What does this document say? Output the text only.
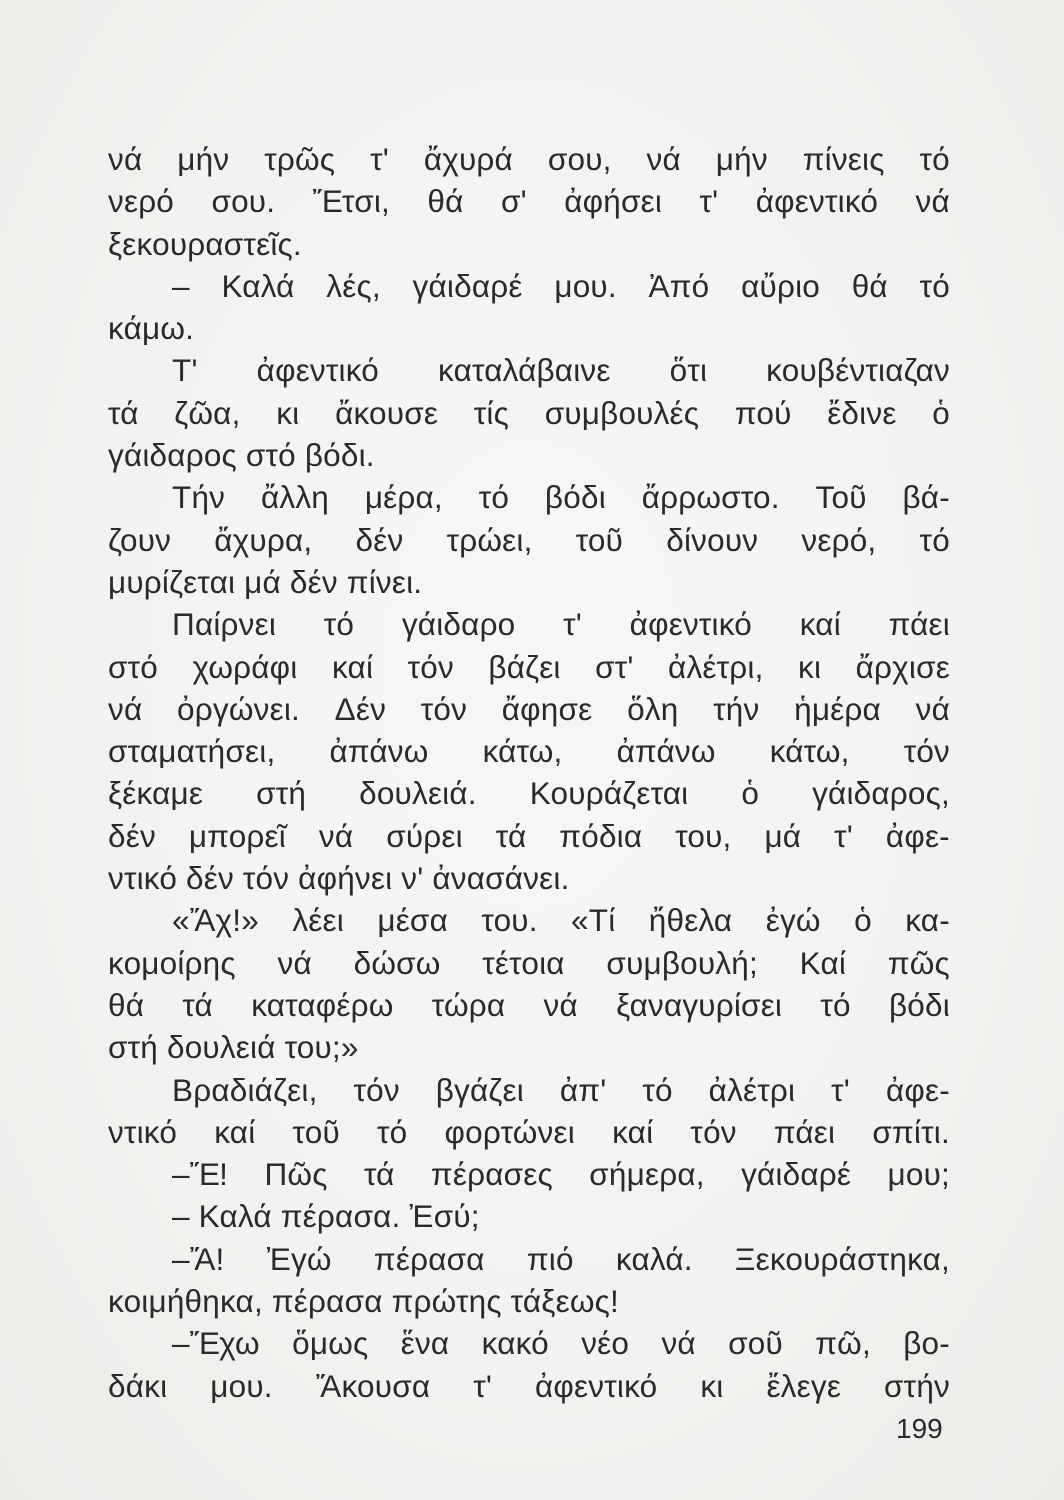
νά μήν τρῶς τ' ἄχυρά σου, νά μήν πίνεις τό
νερό σου. Ἔτσι, θά σ' ἀφήσει τ' ἀφεντικό νά
ξεκουραστεῖς.
– Καλά λές, γάιδαρέ μου. Ἀπό αὔριο θά τό
κάμω.
Τ' ἀφεντικό καταλάβαινε ὅτι κουβέντιαζαν
τά ζῶα, κι ἄκουσε τίς συμβουλές πού ἔδινε ὁ
γάιδαρος στό βόδι.
Τήν ἄλλη μέρα, τό βόδι ἄρρωστο. Τοῦ βά-
ζουν ἄχυρα, δέν τρώει, τοῦ δίνουν νερό, τό
μυρίζεται μά δέν πίνει.
Παίρνει τό γάιδαρο τ' ἀφεντικό καί πάει
στό χωράφι καί τόν βάζει στ' ἀλέτρι, κι ἄρχισε
νά ὀργώνει. Δέν τόν ἄφησε ὅλη τήν ἡμέρα νά
σταματήσει, ἀπάνω κάτω, ἀπάνω κάτω, τόν
ξέκαμε στή δουλειά. Κουράζεται ὁ γάιδαρος,
δέν μπορεῖ νά σύρει τά πόδια του, μά τ' ἀφε-
ντικό δέν τόν ἀφήνει ν' ἀνασάνει.
«Ἄχ!» λέει μέσα του. «Τί ἤθελα ἐγώ ὁ κα-
κομοίρης νά δώσω τέτοια συμβουλή; Καί πῶς
θά τά καταφέρω τώρα νά ξαναγυρίσει τό βόδι
στή δουλειά του;»
Βραδιάζει, τόν βγάζει ἀπ' τό ἀλέτρι τ' ἀφε-
ντικό καί τοῦ τό φορτώνει καί τόν πάει σπίτι.
–Ἔ! Πῶς τά πέρασες σήμερα, γάιδαρέ μου;
– Καλά πέρασα. Ἐσύ;
–Ἄ! Ἐγώ πέρασα πιό καλά. Ξεκουράστηκα,
κοιμήθηκα, πέρασα πρώτης τάξεως!
–Ἔχω ὅμως ἕνα κακό νέο νά σοῦ πῶ, βο-
δάκι μου. Ἄκουσα τ' ἀφεντικό κι ἔλεγε στήν
199
